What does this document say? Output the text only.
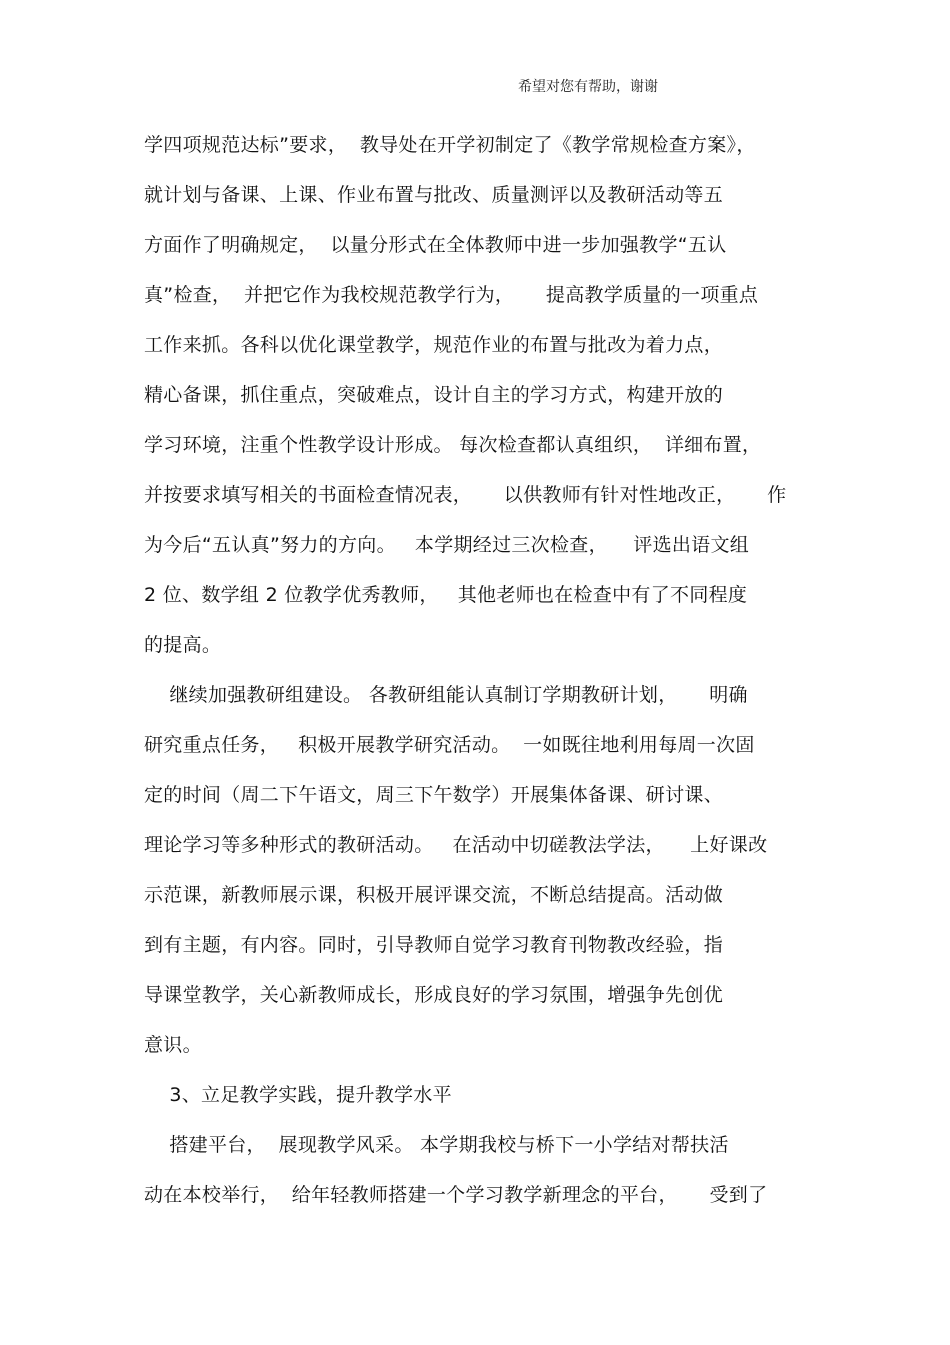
希望对您有帮助，谢谢
学四项规范达标”要求，  教导处在开学初制定了《教学常规检查方案》，
就计划与备课、上课、作业布置与批改、质量测评以及教研活动等五
方面作了明确规定，  以量分形式在全体教师中进一步加强教学“五认
真”检查，  并把它作为我校规范教学行为，     提高教学质量的一项重点
工作来抓。各科以优化课堂教学，规范作业的布置与批改为着力点，
精心备课，抓住重点，突破难点，设计自主的学习方式，构建开放的
学习环境，注重个性教学设计形成。 每次检查都认真组织，  详细布置，
并按要求填写相关的书面检查情况表，     以供教师有针对性地改正，     作
为今后“五认真”努力的方向。   本学期经过三次检查，    评选出语文组
2 位、数学组 2 位教学优秀教师，   其他老师也在检查中有了不同程度
的提高。
继续加强教研组建设。 各教研组能认真制订学期教研计划，     明确
研究重点任务，   积极开展教学研究活动。  一如既往地利用每周一次固
定的时间（周二下午语文，周三下午数学）开展集体备课、研讨课、
理论学习等多种形式的教研活动。   在活动中切磋教法学法，    上好课改
示范课，新教师展示课，积极开展评课交流，不断总结提高。活动做
到有主题，有内容。同时，引导教师自觉学习教育刊物教改经验，指
导课堂教学，关心新教师成长，形成良好的学习氛围，增强争先创优
意识。
3、立足教学实践，提升教学水平
搭建平台，  展现教学风采。 本学期我校与桥下一小学结对帮扶活
动在本校举行，  给年轻教师搭建一个学习教学新理念的平台，     受到了
